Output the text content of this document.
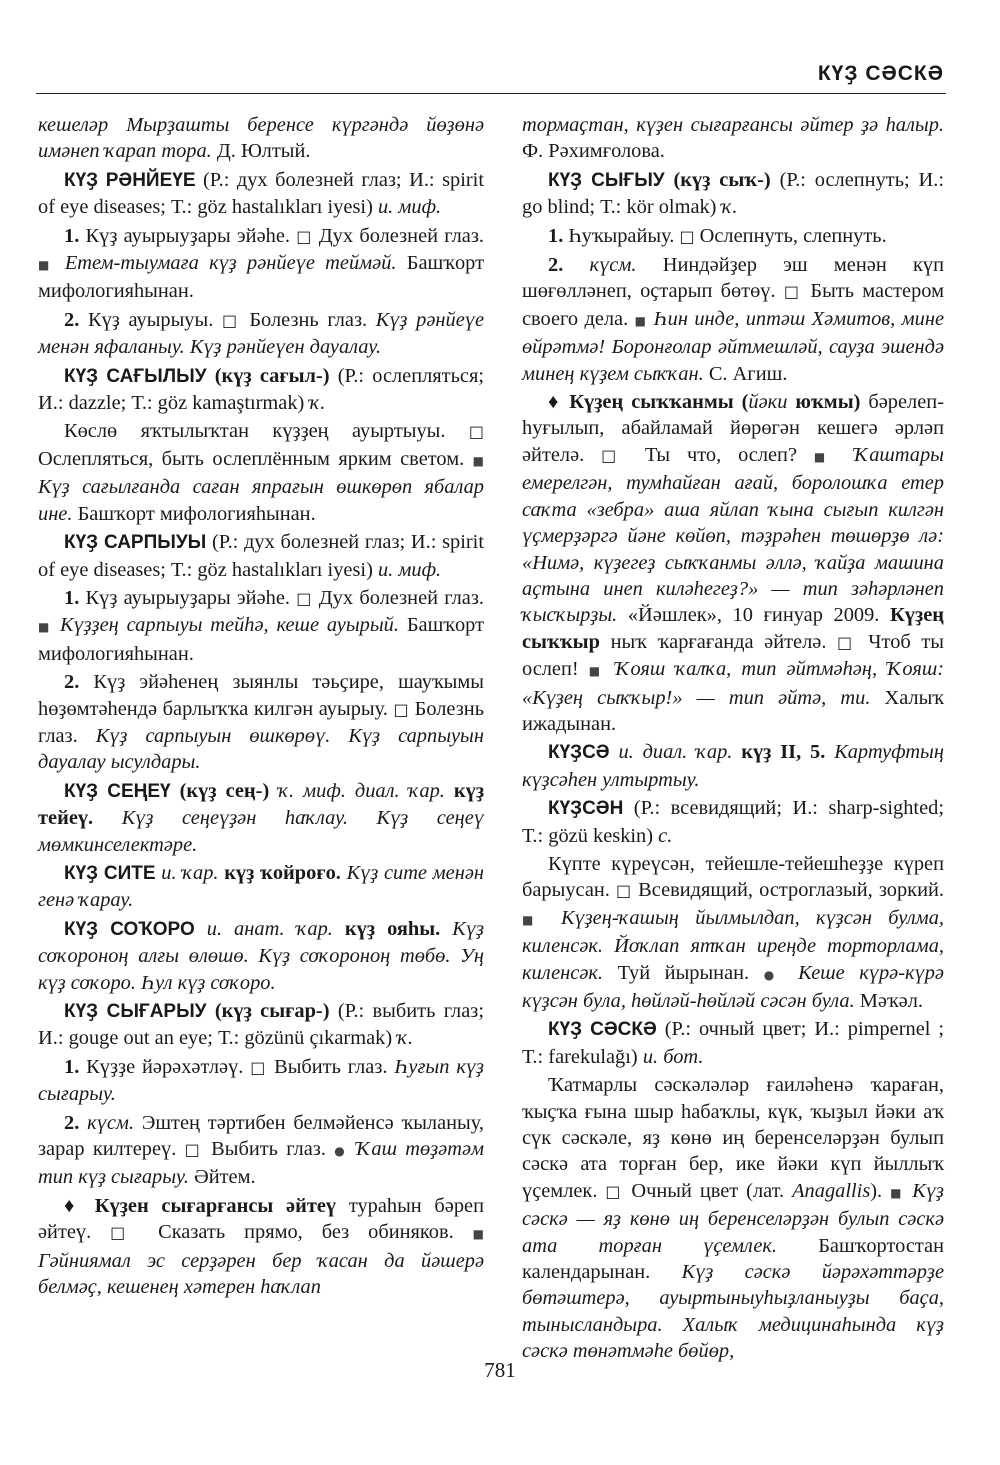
КҮҘ СӘСКӘ

кешеләр Мырҙашты беренсе күргәндә йөҙөнә имәнеп ҡарап тора. Д. Юлтый.

КҮҘ РӘНЙЕҮЕ (Р.: дух болезней глаз; И.: spirit of eye diseases; Т.: göz hastalıkları iyesi) и. миф.

1. Күҙ ауырыуҙары эйәһе. □ Дух болезней глаз. ■ Етем-тыумаға күҙ рәнйеүе теймәй. Башҡорт мифологияһынан.

2. Күҙ ауырыуы. □ Болезнь глаз. Күҙ рәнйеүе менән яфаланыу. Күҙ рәнйеүен дауалау.

КҮҘ САҒЫЛЫУ (күҙ сағыл-) (Р.: ослепляться; И.: dazzle; Т.: göz kamaştırmak) ҡ.

Көслө яҡтылыҡтан күҙҙең ауыртыуы. □ Ослепляться, быть ослеплённым ярким светом. ■ Күҙ сағылғанда саған япрағын өшкөрөп ябалар ине. Башҡорт мифологияһынан.

КҮҘ САРПЫУЫ (Р.: дух болезней глаз; И.: spirit of eye diseases; Т.: göz hastalıkları iyesi) и. миф.

1. Күҙ ауырыуҙары эйәһе. □ Дух болезней глаз. ■ Күҙҙең сарпыуы тейһә, кеше ауырый. Башҡорт мифологияһынан.

2. Күҙ эйәһенең зыянлы тәьҫире, шауҡымы һөҙөмтәһендә барлыҡҡа килгән ауырыу. □ Болезнь глаз. Күҙ сарпыуын өшкөрөү. Күҙ сарпыуын дауалау ысулдары.

КҮҘ СЕҢЕҮ (күҙ сең-) ҡ. миф. диал. ҡар. күҙ тейеү. Күҙ сеңеүҙән һаҡлау. Күҙ сеңеү мөмкинселектәре.

КҮҘ СИТЕ и. ҡар. күҙ ҡойроғо. Күҙ сите менән генә ҡарау.

КҮҘ СОҠОРО и. анат. ҡар. күҙ ояһы. Күҙ соҡороноң алғы өлөшө. Күҙ соҡороноң төбө. Уң күҙ соҡоро. Һул күҙ соҡоро.

КҮҘ СЫҒАРЫУ (күҙ сығар-) (Р.: выбить глаз; И.: gouge out an eye; Т.: gözünü çıkarmak) ҡ.

1. Күҙҙе йәрәхәтләү. □ Выбить глаз. Һуғып күҙ сығарыу.

2. күсм. Эштең тәртибен белмәйенсә ҡыланыу, зарар килтереү. □ Выбить глаз. ● Ҡаш төҙәтәм тип күҙ сығарыу. Әйтем.

♦ Күҙен сығарғансы әйтеү тураһын бәреп әйтеү. □ Сказать прямо, без обиняков. ■ Гәйниямал эс серҙәрен бер ҡасан да йәшерә белмәҫ, кешенең хәтерен һаҡлап

тормаҫтан, күҙен сығарғансы әйтер ҙә һалыр. Ф. Рәхимғолова.

КҮҘ СЫҒЫУ (күҙ сыҡ-) (Р.: ослепнуть; И.: go blind; Т.: kör olmak) ҡ.

1. Һуҡырайыу. □ Ослепнуть, слепнуть.

2. күсм. Ниндәйҙер эш менән күп шөғөлләнеп, оҫтарып бөтөү. □ Быть мастером своего дела. ■ Һин инде, иптәш Хәмитов, мине өйрәтмә! Боронғолар әйтмешләй, сауҙа эшендә минең күҙем сыҡҡан. С. Агиш.

♦ Күҙең сыҡҡанмы (йәки юҡмы) бәрелеп-һуғылып, абайламай йөрөгән кешегә әрләп әйтелә. □ Ты что, ослеп? ■ Ҡаштары емерелгән, тумһайған ағай, боролошҡа етер саҡта «зебра» аша яйлап ҡына сығып килгән үҫмерҙәргә йәне көйөп, тәҙрәһен төшөрҙө лә: «Нимә, күҙегеҙ сыҡҡанмы әллә, ҡайҙа машина аҫтына инеп киләһегеҙ?» — тип зәһәрләнеп ҡысҡырҙы. «Йәшлек», 10 ғинуар 2009. Күҙең сыҡҡыр ныҡ ҡарғағанда әйтелә. □ Чтоб ты ослеп! ■ Ҡояш ҡалҡа, тип әйтмәһәң, Ҡояш: «Күҙең сыҡҡыр!» — тип әйтә, ти. Халыҡ ижадынан.

КҮҘСӘ и. диал. ҡар. күҙ II, 5. Картуфтың күҙсәһен ултыртыу.

КҮҘСӘН (Р.: всевидящий; И.: sharp-sighted; Т.: gözü keskin) с.

Күпте күреүсән, тейешле-тейешһеҙҙе күреп барыусан. □ Всевидящий, остроглазый, зоркий. ■ Күҙең-ҡашың йылмылдап, күҙсән булма, киленсәк. Йоҡлап ятҡан иреңде торторлама, киленсәк. Туй йырынан. ● Кеше күрә-күрә күҙсән була, һөйләй-һөйләй сәсән була. Мәҡәл.

КҮҘ СӘСКӘ (Р.: очный цвет; И.: pimpernel ; Т.: farekulağı) и. бот.

Ҡатмарлы сәскәләләр ғаиләһенә ҡараған, ҡыҫҡа ғына шыр һабаҡлы, күк, ҡыҙыл йәки аҡ сүк сәскәле, яҙ көнө иң беренселәрҙән булып сәскә ата торған бер, ике йәки күп йыллыҡ үҫемлек. □ Очный цвет (лат. Anagallis). ■ Күҙ сәскә — яҙ көнө иң беренселәрҙән булып сәскә ата торған үҫемлек. Башҡортостан календарынан. Күҙ сәскә йәрәхәттәрҙе бөтәштерә, ауыртыныуһыҙланыуҙы баҫа, тынысландыра. Халыҡ медицинаһында күҙ сәскә төнәтмәһе бөйөр,

781
